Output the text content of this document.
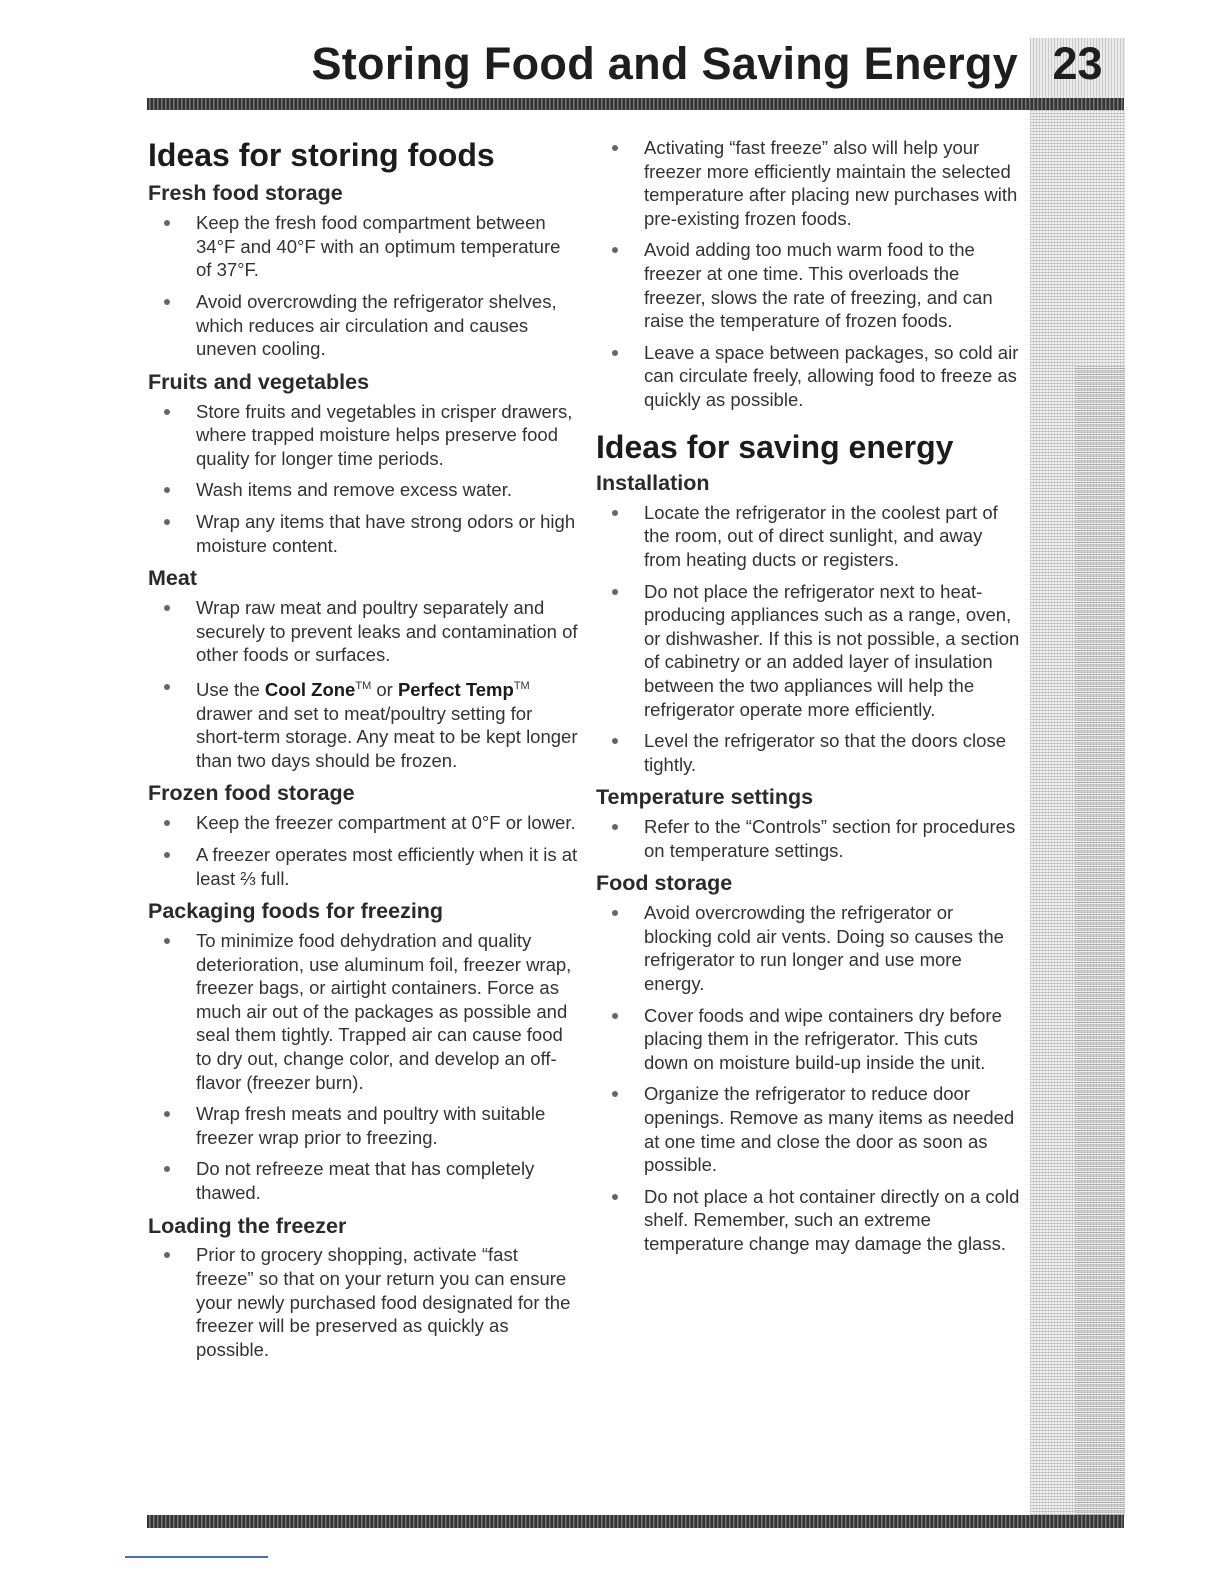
Storing Food and Saving Energy 23
Ideas for storing foods
Fresh food storage
Keep the fresh food compartment between 34°F and 40°F with an optimum temperature of 37°F.
Avoid overcrowding the refrigerator shelves, which reduces air circulation and causes uneven cooling.
Fruits and vegetables
Store fruits and vegetables in crisper drawers, where trapped moisture helps preserve food quality for longer time periods.
Wash items and remove excess water.
Wrap any items that have strong odors or high moisture content.
Meat
Wrap raw meat and poultry separately and securely to prevent leaks and contamination of other foods or surfaces.
Use the Cool Zone™ or Perfect Temp™ drawer and set to meat/poultry setting for short-term storage. Any meat to be kept longer than two days should be frozen.
Frozen food storage
Keep the freezer compartment at 0°F or lower.
A freezer operates most efficiently when it is at least ⅔ full.
Packaging foods for freezing
To minimize food dehydration and quality deterioration, use aluminum foil, freezer wrap, freezer bags, or airtight containers. Force as much air out of the packages as possible and seal them tightly. Trapped air can cause food to dry out, change color, and develop an off-flavor (freezer burn).
Wrap fresh meats and poultry with suitable freezer wrap prior to freezing.
Do not refreeze meat that has completely thawed.
Loading the freezer
Prior to grocery shopping, activate “fast freeze” so that on your return you can ensure your newly purchased food designated for the freezer will be preserved as quickly as possible.
Activating “fast freeze” also will help your freezer more efficiently maintain the selected temperature after placing new purchases with pre-existing frozen foods.
Avoid adding too much warm food to the freezer at one time. This overloads the freezer, slows the rate of freezing, and can raise the temperature of frozen foods.
Leave a space between packages, so cold air can circulate freely, allowing food to freeze as quickly as possible.
Ideas for saving energy
Installation
Locate the refrigerator in the coolest part of the room, out of direct sunlight, and away from heating ducts or registers.
Do not place the refrigerator next to heat-producing appliances such as a range, oven, or dishwasher. If this is not possible, a section of cabinetry or an added layer of insulation between the two appliances will help the refrigerator operate more efficiently.
Level the refrigerator so that the doors close tightly.
Temperature settings
Refer to the “Controls” section for procedures on temperature settings.
Food storage
Avoid overcrowding the refrigerator or blocking cold air vents. Doing so causes the refrigerator to run longer and use more energy.
Cover foods and wipe containers dry before placing them in the refrigerator. This cuts down on moisture build-up inside the unit.
Organize the refrigerator to reduce door openings. Remove as many items as needed at one time and close the door as soon as possible.
Do not place a hot container directly on a cold shelf. Remember, such an extreme temperature change may damage the glass.
